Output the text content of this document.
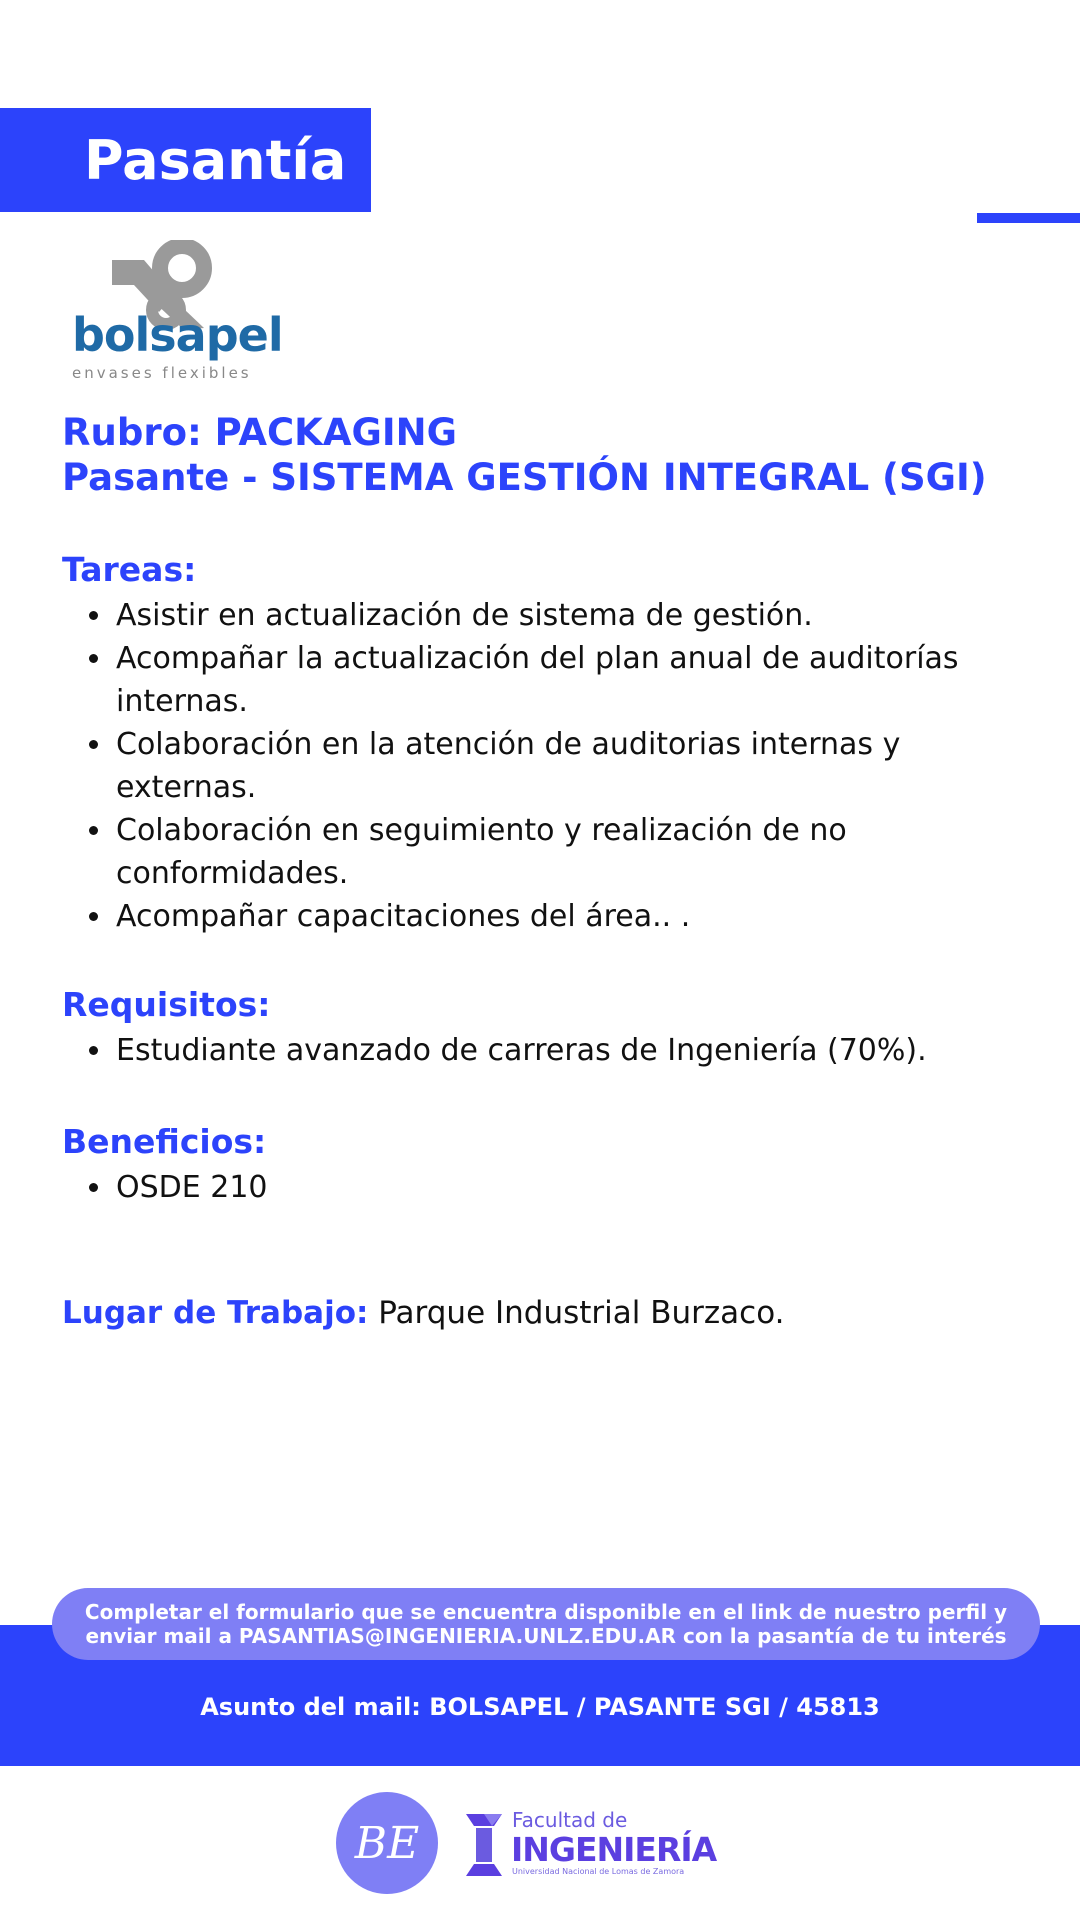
Pasantía
bolsapel
envases flexibles
Rubro: PACKAGING
Pasante - SISTEMA GESTIÓN INTEGRAL (SGI)
Tareas:
• Asistir en actualización de sistema de gestión.
• Acompañar la actualización del plan anual de auditorías internas.
• Colaboración en la atención de auditorias internas y externas.
• Colaboración en seguimiento y realización de no conformidades.
• Acompañar capacitaciones del área.. .
Requisitos:
• Estudiante avanzado de carreras de Ingeniería (70%).
Beneficios:
• OSDE 210
Lugar de Trabajo: Parque Industrial Burzaco.
Completar el formulario que se encuentra disponible en el link de nuestro perfil y
enviar mail a PASANTIAS@INGENIERIA.UNLZ.EDU.AR con la pasantía de tu interés
Asunto del mail: BOLSAPEL / PASANTE SGI / 45813
BE	Facultad de
INGENIERÍA
Universidad Nacional de Lomas de Zamora
